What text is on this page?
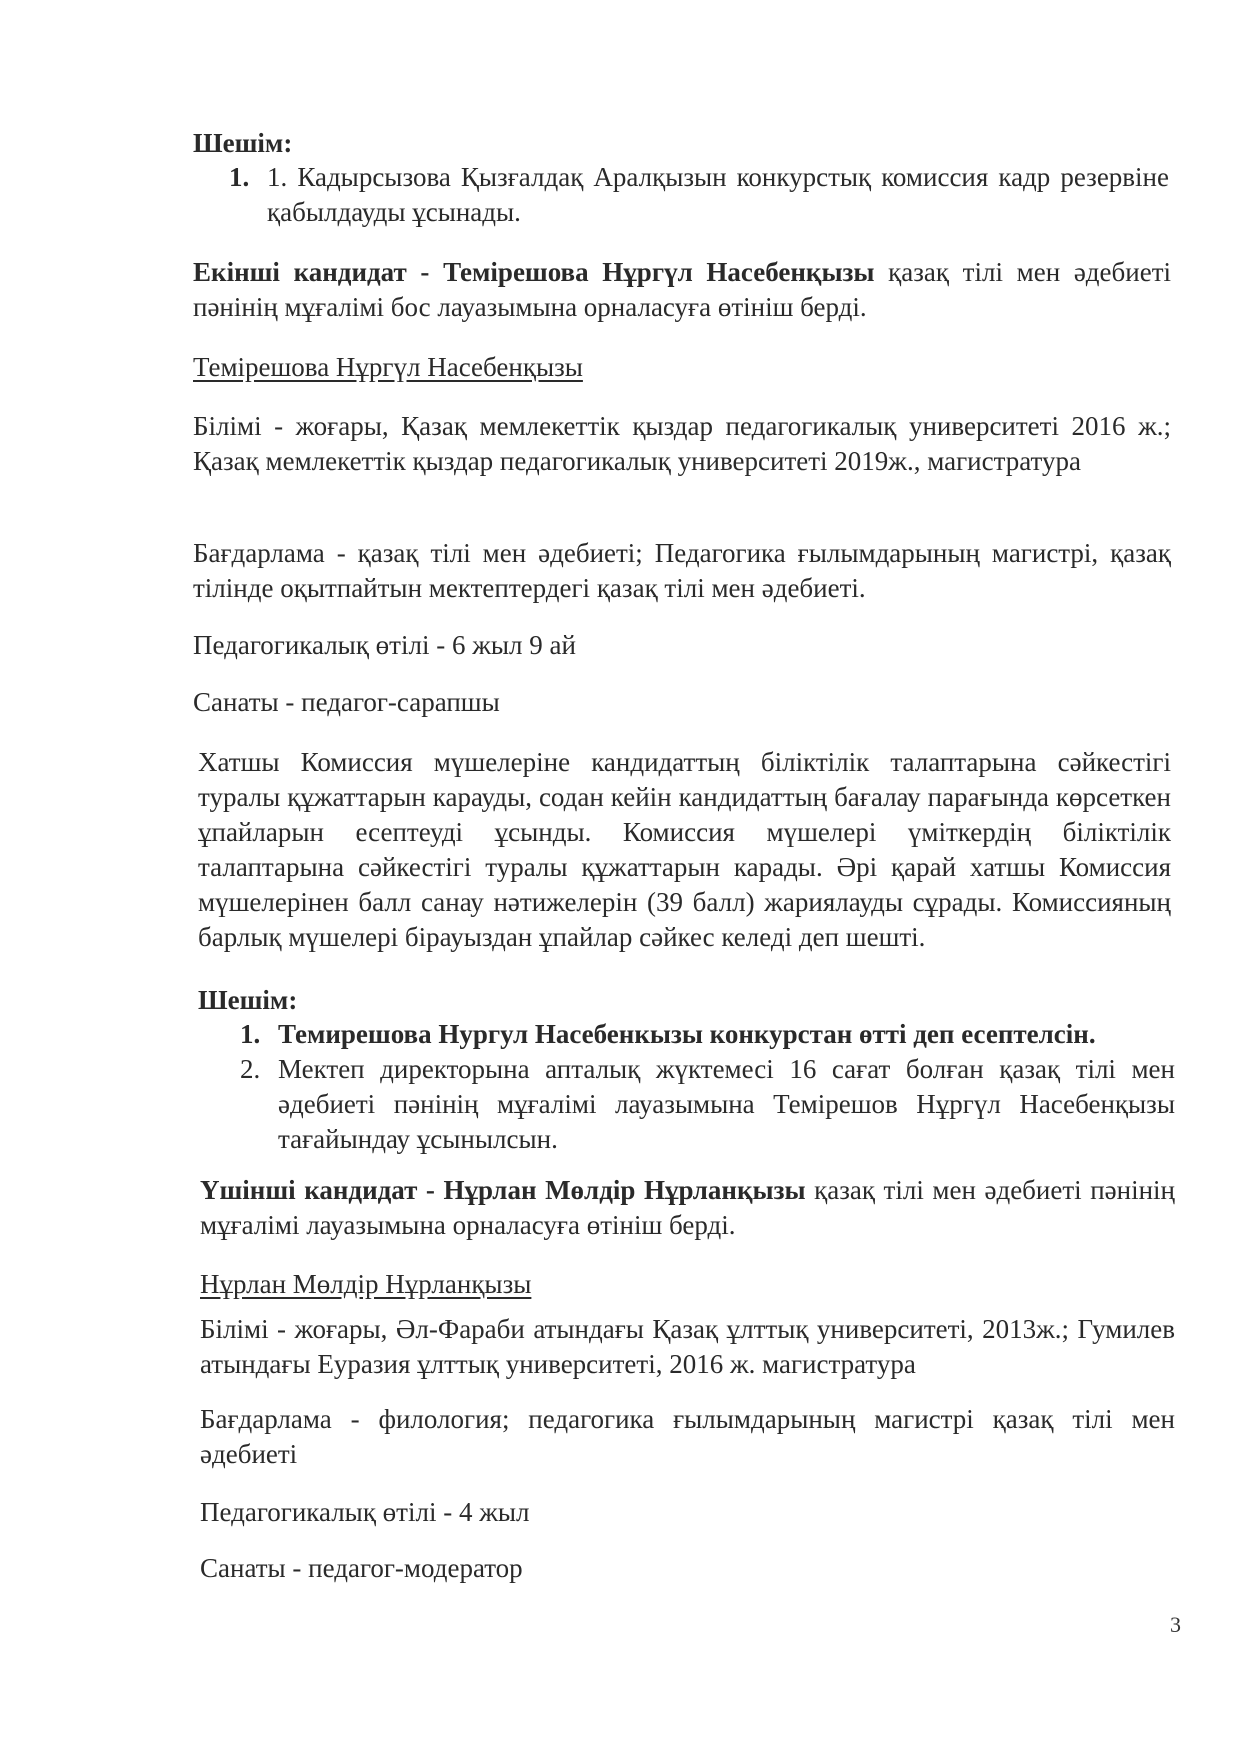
Шешім:
1. 1. Кадырсызова Қызғалдақ Аралқызын конкурстық комиссия кадр резервіне қабылдауды ұсынады.

Екінші кандидат - Темірешова Нұргүл Насебенқызы қазақ тілі мен әдебиеті пәнінің мұғалімі бос лауазымына орналасуға өтініш берді.

Темірешова Нұргүл Насебенқызы

Білімі - жоғары, Қазақ мемлекеттік қыздар педагогикалық университеті 2016 ж.; Қазақ мемлекеттік қыздар педагогикалық университеті 2019ж., магистратура

Бағдарлама - қазақ тілі мен әдебиеті; Педагогика ғылымдарының магистрі, қазақ тілінде оқытпайтын мектептердегі қазақ тілі мен әдебиеті.

Педагогикалық өтілі - 6 жыл 9 ай
Санаты - педагог-сарапшы

Хатшы Комиссия мүшелеріне кандидаттың біліктілік талаптарына сәйкестігі туралы құжаттарын карауды, содан кейін кандидаттың бағалау парағында көрсеткен ұпайларын есептеуді ұсынды. Комиссия мүшелері үміткердің біліктілік талаптарына сәйкестігі туралы құжаттарын карады. Әрі қарай хатшы Комиссия мүшелерінен балл санау нәтижелерін (39 балл) жариялауды сұрады. Комиссияның барлық мүшелері бірауыздан ұпайлар сәйкес келеді деп шешті.

Шешім:
1. Темирешова Нургул Насебенкызы конкурстан өтті деп есептелсін.
2. Мектеп директорына апталық жүктемесі 16 сағат болған қазақ тілі мен әдебиеті пәнінің мұғалімі лауазымына Темірешов Нұргүл Насебенқызы тағайындау ұсынылсын.

Үшінші кандидат - Нұрлан Мөлдір Нұрланқызы қазақ тілі мен әдебиеті пәнінің мұғалімі лауазымына орналасуға өтініш берді.

Нұрлан Мөлдір Нұрланқызы

Білімі - жоғары, Әл-Фараби атындағы Қазақ ұлттық университеті, 2013ж.; Гумилев атындағы Еуразия ұлттық университеті, 2016 ж. магистратура

Бағдарлама - филология; педагогика ғылымдарының магистрі қазақ тілі мен әдебиеті

Педагогикалық өтілі - 4 жыл
Санаты - педагог-модератор
3
